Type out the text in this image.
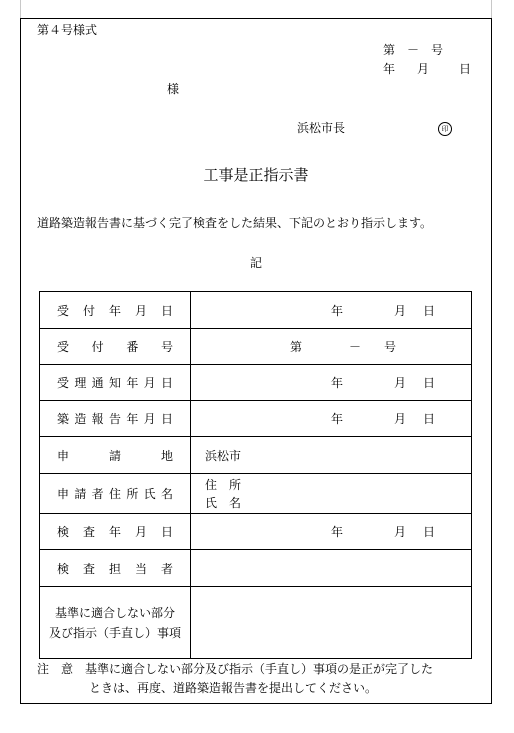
第４号様式
第　－　号
年 月 日
様
浜松市長	印
工事是正指示書
道路築造報告書に基づく完了検査をした結果、下記のとおり指示します。
記
受付年月日	年 月 日
受付番号	第 － 号
受理通知年月日	年 月 日
築造報告年月日	年 月 日
申請地	浜松市
申請者住所氏名	住　所
氏　名

検査年月日	年 月 日
検査担当者	

基準に適合しない部分
及び指示（手直し）事項	

注　意　基準に適合しない部分及び指示（手直し）事項の是正が完了した
ときは、再度、道路築造報告書を提出してください。
